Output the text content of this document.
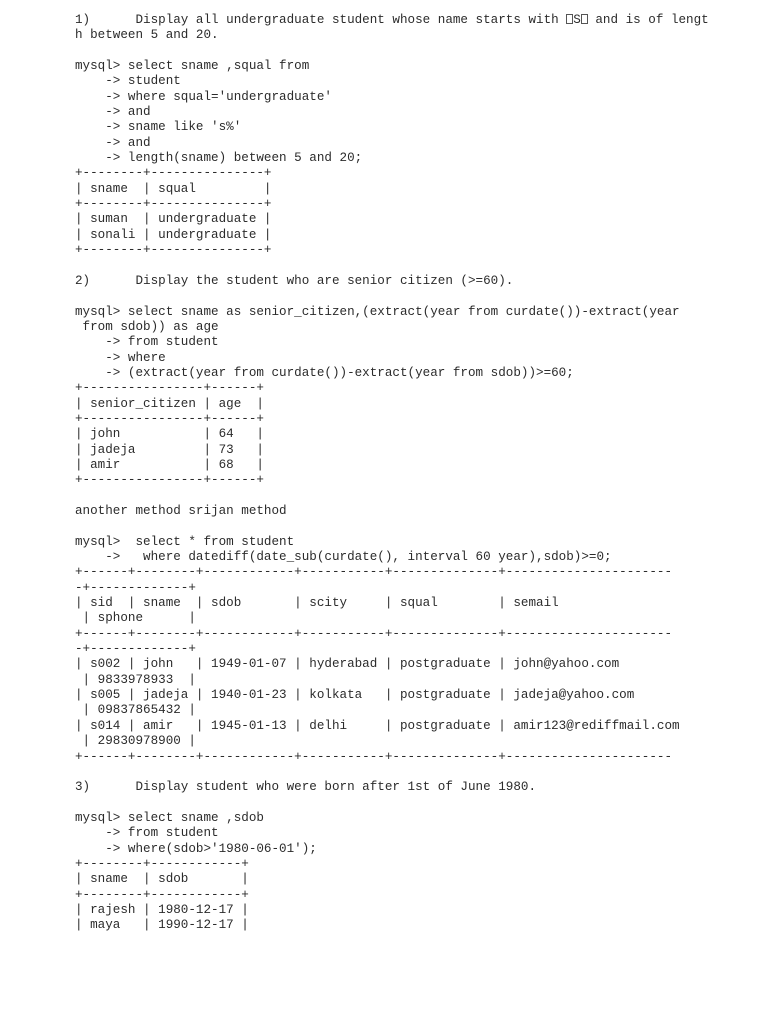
1)      Display all undergraduate student whose name starts with S and is of lengt
h between 5 and 20.
mysql> select sname ,squal from
-> student
-> where squal='undergraduate'
-> and
-> sname like 's%'
-> and
-> length(sname) between 5 and 20;
+--------+---------------+
| sname  | squal         |
+--------+---------------+
| suman  | undergraduate |
| sonali | undergraduate |
+--------+---------------+
2)      Display the student who are senior citizen (>=60).
mysql> select sname as senior_citizen,(extract(year from curdate())-extract(year
from sdob)) as age
-> from student
-> where
-> (extract(year from curdate())-extract(year from sdob))>=60;
+----------------+------+
| senior_citizen | age  |
+----------------+------+
| john           | 64   |
| jadeja         | 73   |
| amir           | 68   |
+----------------+------+
another method srijan method
mysql>  select * from student
->   where datediff(date_sub(curdate(), interval 60 year),sdob)>=0;
+------+--------+------------+-----------+--------------+----------------------
-+-------------+
| sid  | sname  | sdob       | scity     | squal        | semail
| sphone      |
+------+--------+------------+-----------+--------------+----------------------
-+-------------+
| s002 | john   | 1949-01-07 | hyderabad | postgraduate | john@yahoo.com
| 9833978933  |
| s005 | jadeja | 1940-01-23 | kolkata   | postgraduate | jadeja@yahoo.com
| 09837865432 |
| s014 | amir   | 1945-01-13 | delhi     | postgraduate | amir123@rediffmail.com
| 29830978900 |
+------+--------+------------+-----------+--------------+----------------------
3)      Display student who were born after 1st of June 1980.
mysql> select sname ,sdob
-> from student
-> where(sdob>'1980-06-01');
+--------+------------+
| sname  | sdob       |
+--------+------------+
| rajesh | 1980-12-17 |
| maya   | 1990-12-17 |
